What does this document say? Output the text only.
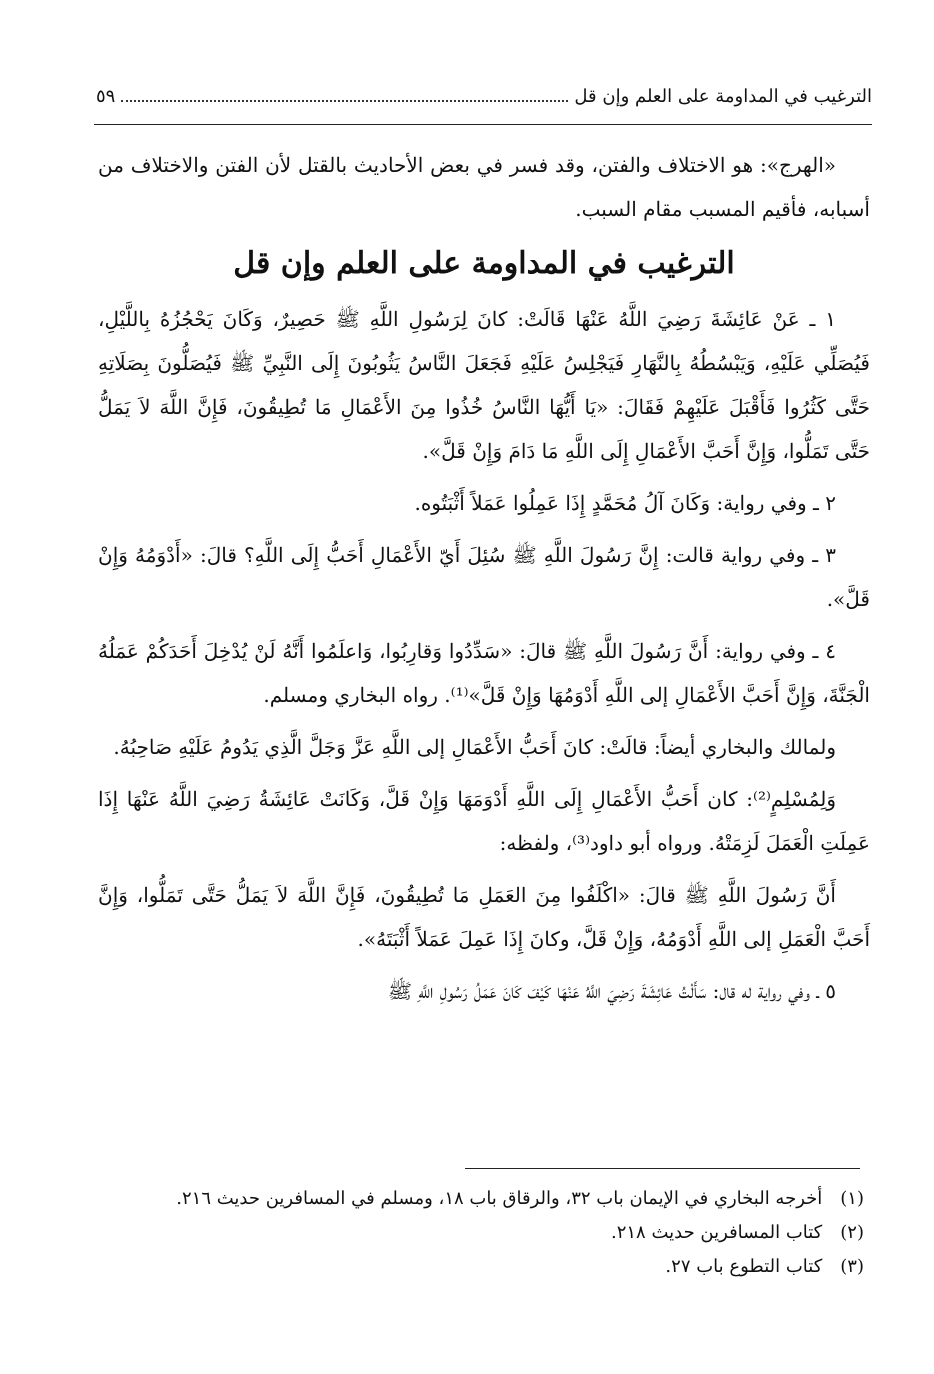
الترغيب في المداومة على العلم وإن قل
٥٩

«الهرج»: هو الاختلاف والفتن، وقد فسر في بعض الأحاديث بالقتل لأن الفتن والاختلاف من أسبابه، فأقيم المسبب مقام السبب.

الترغيب في المداومة على العلم وإن قل

١ ـ عَنْ عَائِشَةَ رَضِيَ اللَّهُ عَنْهَا قَالَتْ: كانَ لِرَسُولِ اللَّهِ ﷺ حَصِيرٌ، وَكَانَ يَحْجُزُهُ بِاللَّيْلِ، فَيُصَلِّي عَلَيْهِ، وَيَبْسُطُهُ بِالنَّهَارِ فَيَجْلِسُ عَلَيْهِ فَجَعَلَ النَّاسُ يَثُوبُونَ إِلَى النَّبِيِّ ﷺ فَيُصَلُّونَ بِصَلَاتِهِ حَتَّى كَثُرُوا فَأَقْبَلَ عَلَيْهِمْ فَقَالَ: «يَا أَيُّهَا النَّاسُ خُذُوا مِنَ الأَعْمَالِ مَا تُطِيقُونَ، فَإِنَّ اللَّهَ لاَ يَمَلُّ حَتَّى تَمَلُّوا، وَإِنَّ أَحَبَّ الأَعْمَالِ إِلَى اللَّهِ مَا دَامَ وَإِنْ قَلَّ».

٢ ـ وفي رواية: وَكَانَ آلُ مُحَمَّدٍ إِذَا عَمِلُوا عَمَلاً أَثْبَتُوه.

٣ ـ وفي رواية قالت: إِنَّ رَسُولَ اللَّهِ ﷺ سُئِلَ أَيّ الأَعْمَالِ أَحَبُّ إِلَى اللَّهِ؟ قالَ: «أَدْوَمُهُ وَإِنْ قَلَّ».

٤ ـ وفي رواية: أَنَّ رَسُولَ اللَّهِ ﷺ قالَ: «سَدِّدُوا وَقارِبُوا، وَاعلَمُوا أَنَّهُ لَنْ يُدْخِلَ أَحَدَكُمْ عَمَلُهُ الْجَنَّةَ، وَإِنَّ أَحَبَّ الأَعْمَالِ إلى اللَّهِ أَدْوَمُهَا وَإِنْ قَلَّ»⁽¹⁾. رواه البخاري ومسلم.

ولمالك والبخاري أيضاً: قالَتْ: كانَ أَحَبُّ الأَعْمَالِ إلى اللَّهِ عَزَّ وَجَلَّ الَّذِي يَدُومُ عَلَيْهِ صَاحِبُهُ.

وَلِمُسْلِمٍ⁽²⁾: كان أَحَبُّ الأَعْمَالِ إِلَى اللَّهِ أَدْوَمَهَا وَإِنْ قَلَّ، وَكَانَتْ عَائِشَةُ رَضِيَ اللَّهُ عَنْهَا إِذَا عَمِلَتِ الْعَمَلَ لَزِمَتْهُ. ورواه أبو داود⁽³⁾، ولفظه:

أَنَّ رَسُولَ اللَّهِ ﷺ قالَ: «اكْلَفُوا مِنَ العَمَلِ مَا تُطِيقُونَ، فَإِنَّ اللَّهَ لاَ يَمَلُّ حَتَّى تَمَلُّوا، وَإِنَّ أَحَبَّ الْعَمَلِ إلى اللَّهِ أَدْوَمُهُ، وَإِنْ قَلَّ، وكانَ إِذَا عَمِلَ عَمَلاً أَثْبَتَهُ».

٥ ـ وفي رواية له قال: سَأَلْتُ عَائِشَةَ رَضِيَ اللَّهُ عَنْهَا كَيْفَ كَانَ عَمَلُ رَسُولِ اللَّهِ ﷺ

(١)
أخرجه البخاري في الإيمان باب ٣٢، والرقاق باب ١٨، ومسلم في المسافرين حديث ٢١٦.
(٢)
كتاب المسافرين حديث ٢١٨.
(٣)
كتاب التطوع باب ٢٧.
